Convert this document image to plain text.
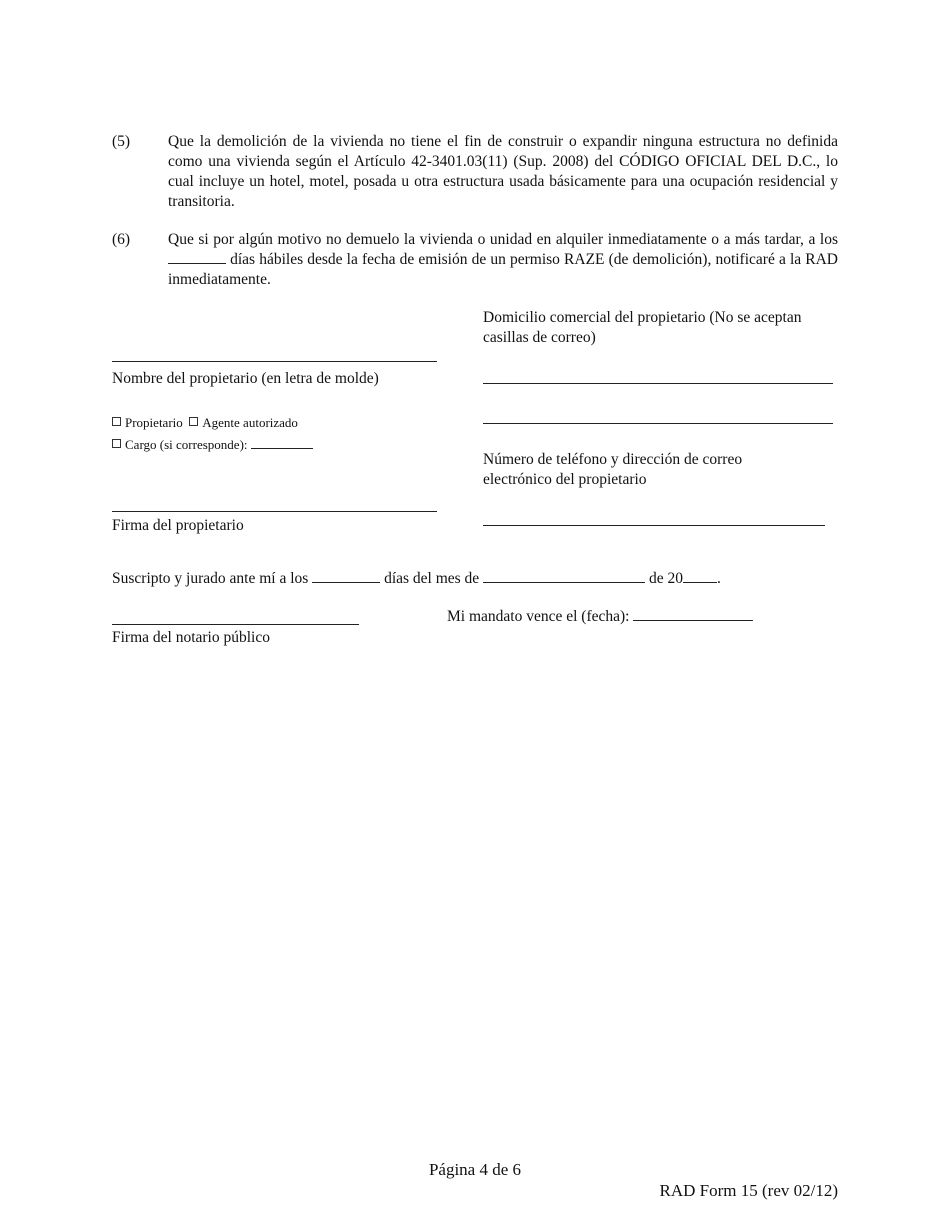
(5) Que la demolición de la vivienda no tiene el fin de construir o expandir ninguna estructura no definida como una vivienda según el Artículo 42-3401.03(11) (Sup. 2008) del CÓDIGO OFICIAL DEL D.C., lo cual incluye un hotel, motel, posada u otra estructura usada básicamente para una ocupación residencial y transitoria.
(6) Que si por algún motivo no demuelo la vivienda o unidad en alquiler inmediatamente o a más tardar, a los  días hábiles desde la fecha de emisión de un permiso RAZE (de demolición), notificaré a la RAD inmediatamente.
Domicilio comercial del propietario (No se aceptan casillas de correo)
Nombre del propietario (en letra de molde)
Propietario Agente autorizado
Cargo (si corresponde):
Número de teléfono y dirección de correo electrónico del propietario
Firma del propietario
Suscripto y jurado ante mí a los	días del mes de	de 20 .
Firma del notario público
Mi mandato vence el (fecha):
Página 4 de 6
RAD Form 15 (rev 02/12)
